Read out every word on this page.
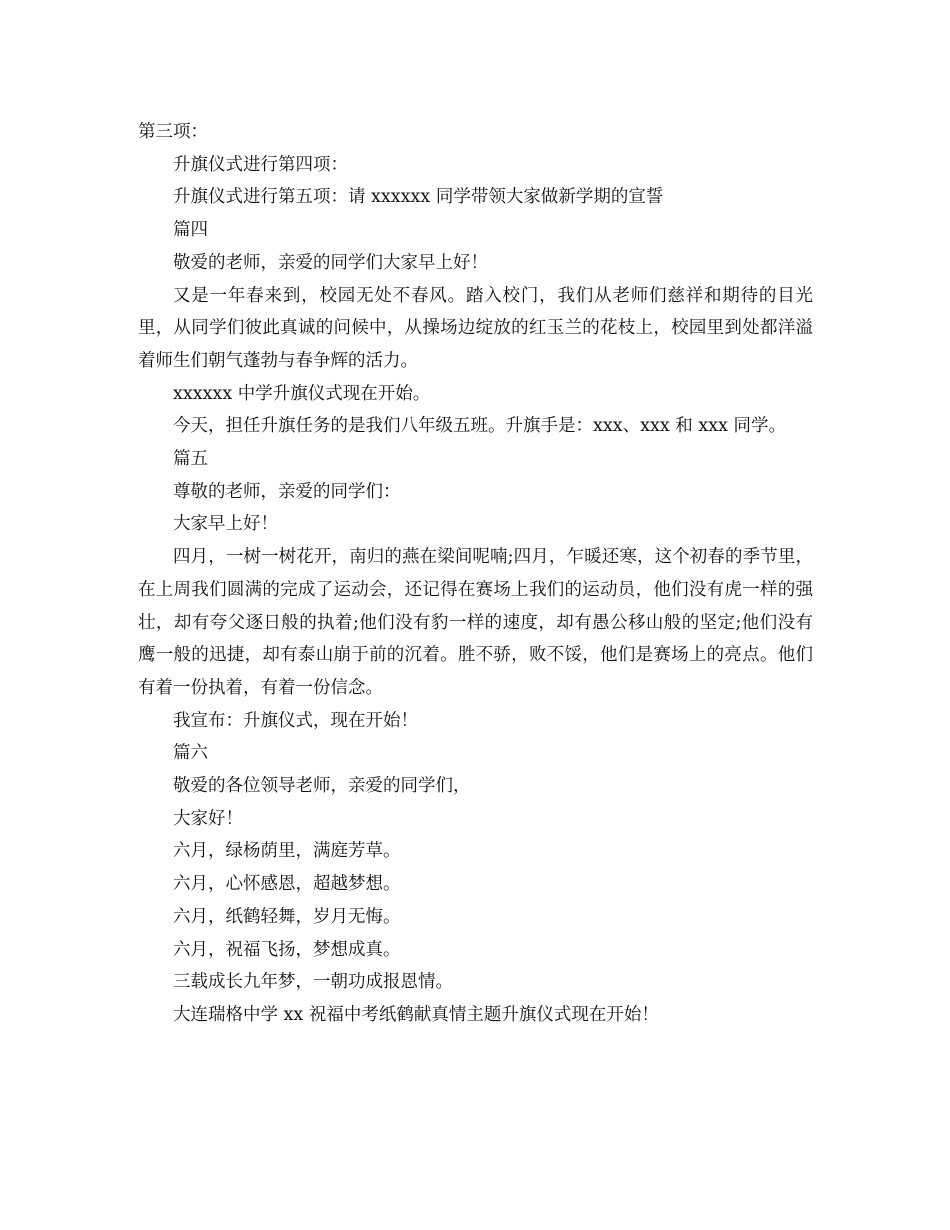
第三项：

升旗仪式进行第四项：

升旗仪式进行第五项：请 xxxxxx 同学带领大家做新学期的宣誓

篇四

敬爱的老师，亲爱的同学们大家早上好！

又是一年春来到，校园无处不春风。踏入校门，我们从老师们慈祥和期待的目光里，从同学们彼此真诚的问候中，从操场边绽放的红玉兰的花枝上，校园里到处都洋溢着师生们朝气蓬勃与春争辉的活力。

xxxxxx 中学升旗仪式现在开始。

今天，担任升旗任务的是我们八年级五班。升旗手是：xxx、xxx 和 xxx 同学。

篇五

尊敬的老师，亲爱的同学们：

大家早上好！

四月，一树一树花开，南归的燕在梁间呢喃;四月，乍暖还寒，这个初春的季节里，在上周我们圆满的完成了运动会，还记得在赛场上我们的运动员，他们没有虎一样的强壮，却有夸父逐日般的执着;他们没有豹一样的速度，却有愚公移山般的坚定;他们没有鹰一般的迅捷，却有泰山崩于前的沉着。胜不骄，败不馁，他们是赛场上的亮点。他们有着一份执着，有着一份信念。

我宣布：升旗仪式，现在开始！

篇六

敬爱的各位领导老师，亲爱的同学们，

大家好！

六月，绿杨荫里，满庭芳草。

六月，心怀感恩，超越梦想。

六月，纸鹤轻舞，岁月无悔。

六月，祝福飞扬，梦想成真。

三载成长九年梦，一朝功成报恩情。

大连瑞格中学 xx 祝福中考纸鹤献真情主题升旗仪式现在开始！
